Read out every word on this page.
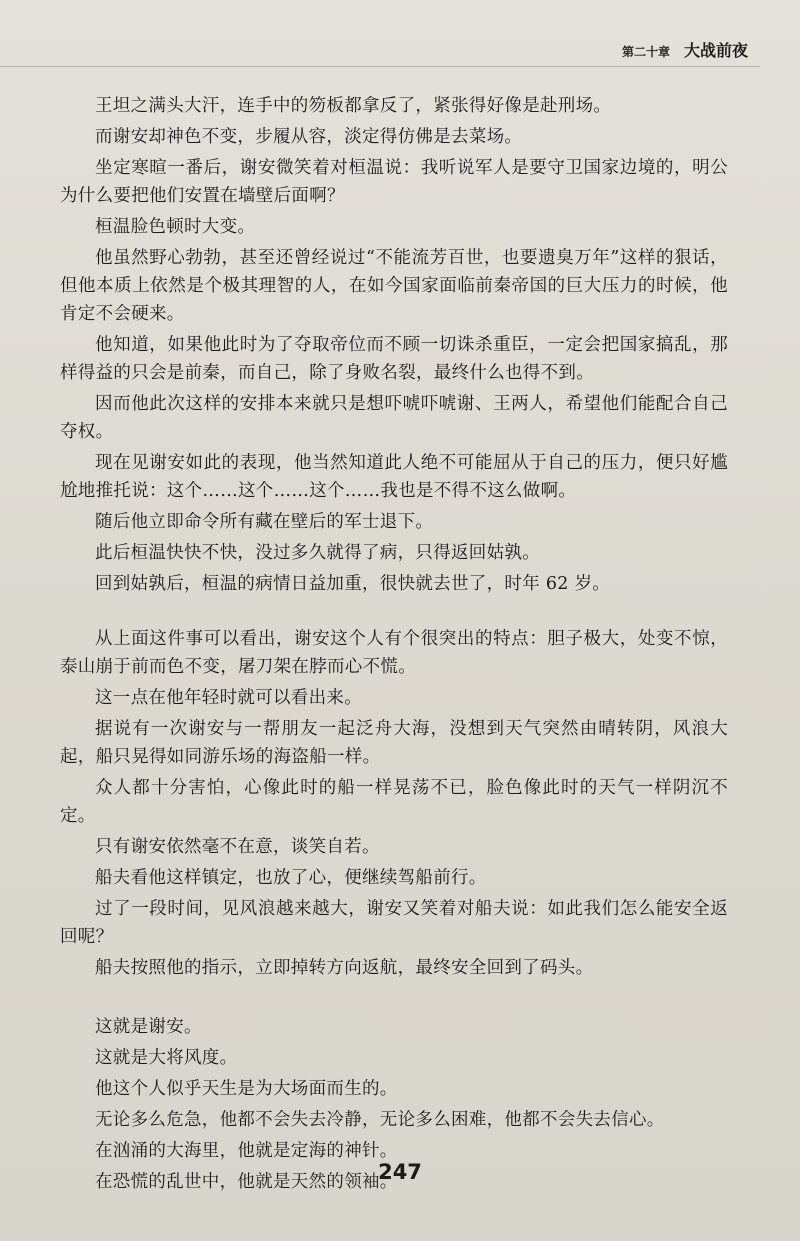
第二十章 大战前夜

王坦之满头大汗，连手中的笏板都拿反了，紧张得好像是赴刑场。

而谢安却神色不变，步履从容，淡定得仿佛是去菜场。

坐定寒暄一番后，谢安微笑着对桓温说：我听说军人是要守卫国家边境的，明公为什么要把他们安置在墙壁后面啊？

桓温脸色顿时大变。

他虽然野心勃勃，甚至还曾经说过“不能流芳百世，也要遗臭万年”这样的狠话，但他本质上依然是个极其理智的人，在如今国家面临前秦帝国的巨大压力的时候，他肯定不会硬来。

他知道，如果他此时为了夺取帝位而不顾一切诛杀重臣，一定会把国家搞乱，那样得益的只会是前秦，而自己，除了身败名裂，最终什么也得不到。

因而他此次这样的安排本来就只是想吓唬吓唬谢、王两人，希望他们能配合自己夺权。

现在见谢安如此的表现，他当然知道此人绝不可能屈从于自己的压力，便只好尴尬地推托说：这个……这个……这个……我也是不得不这么做啊。

随后他立即命令所有藏在壁后的军士退下。

此后桓温快快不快，没过多久就得了病，只得返回姑孰。

回到姑孰后，桓温的病情日益加重，很快就去世了，时年 62 岁。

从上面这件事可以看出，谢安这个人有个很突出的特点：胆子极大，处变不惊，泰山崩于前而色不变，屠刀架在脖而心不慌。

这一点在他年轻时就可以看出来。

据说有一次谢安与一帮朋友一起泛舟大海，没想到天气突然由晴转阴，风浪大起，船只晃得如同游乐场的海盗船一样。

众人都十分害怕，心像此时的船一样晃荡不已，脸色像此时的天气一样阴沉不定。

只有谢安依然毫不在意，谈笑自若。

船夫看他这样镇定，也放了心，便继续驾船前行。

过了一段时间，见风浪越来越大，谢安又笑着对船夫说：如此我们怎么能安全返回呢？

船夫按照他的指示，立即掉转方向返航，最终安全回到了码头。

这就是谢安。

这就是大将风度。

他这个人似乎天生是为大场面而生的。

无论多么危急，他都不会失去冷静，无论多么困难，他都不会失去信心。

在汹涌的大海里，他就是定海的神针。

在恐慌的乱世中，他就是天然的领袖。

247
